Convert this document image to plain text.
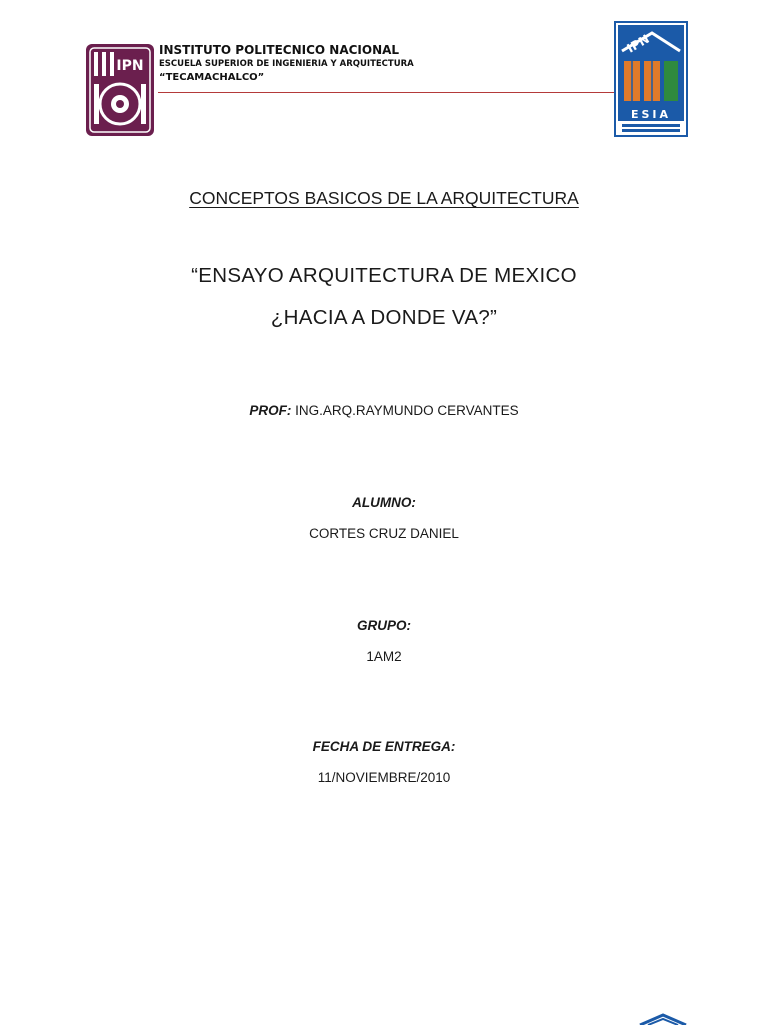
IPN
INSTITUTO POLITECNICO NACIONAL
ESCUELA SUPERIOR DE INGENIERIA Y ARQUITECTURA
“TECAMACHALCO”
IPN
ESIA
CONCEPTOS BASICOS DE LA ARQUITECTURA
“ENSAYO ARQUITECTURA DE MEXICO
¿HACIA A DONDE VA?”
PROF: ING.ARQ.RAYMUNDO CERVANTES
ALUMNO:
CORTES CRUZ DANIEL
GRUPO:
1AM2
FECHA DE ENTREGA:
11/NOVIEMBRE/2010
